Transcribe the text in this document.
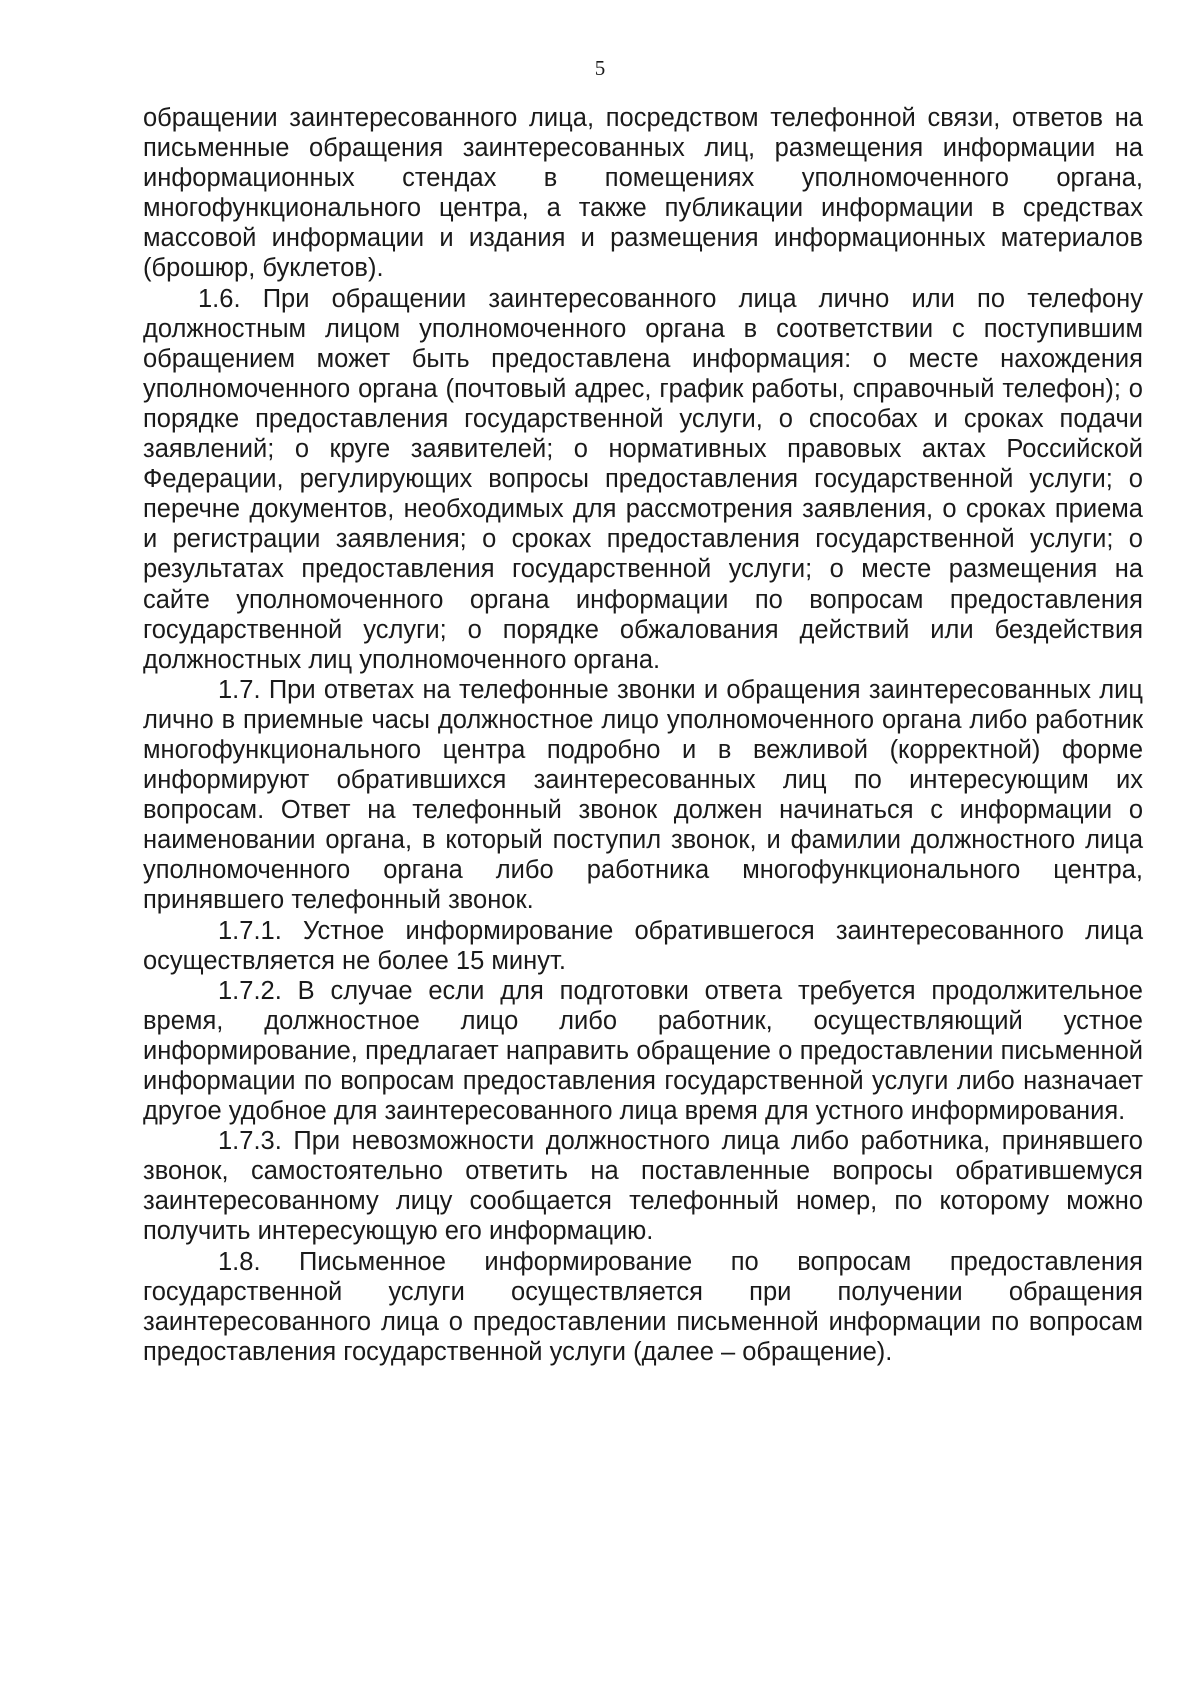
5

обращении заинтересованного лица, посредством телефонной связи, ответов на письменные обращения заинтересованных лиц, размещения информации на информационных стендах в помещениях уполномоченного органа, многофункционального центра, а также публикации информации в средствах массовой информации и издания и размещения информационных материалов (брошюр, буклетов).

1.6. При обращении заинтересованного лица лично или по телефону должностным лицом уполномоченного органа в соответствии с поступившим обращением может быть предоставлена информация: о месте нахождения уполномоченного органа (почтовый адрес, график работы, справочный телефон); о порядке предоставления государственной услуги, о способах и сроках подачи заявлений; о круге заявителей; о нормативных правовых актах Российской Федерации, регулирующих вопросы предоставления государственной услуги; о перечне документов, необходимых для рассмотрения заявления, о сроках приема и регистрации заявления; о сроках предоставления государственной услуги; о результатах предоставления государственной услуги; о месте размещения на сайте уполномоченного органа информации по вопросам предоставления государственной услуги; о порядке обжалования действий или бездействия должностных лиц уполномоченного органа.

1.7. При ответах на телефонные звонки и обращения заинтересованных лиц лично в приемные часы должностное лицо уполномоченного органа либо работник многофункционального центра подробно и в вежливой (корректной) форме информируют обратившихся заинтересованных лиц по интересующим их вопросам. Ответ на телефонный звонок должен начинаться с информации о наименовании органа, в который поступил звонок, и фамилии должностного лица уполномоченного органа либо работника многофункционального центра, принявшего телефонный звонок.

1.7.1. Устное информирование обратившегося заинтересованного лица осуществляется не более 15 минут.

1.7.2. В случае если для подготовки ответа требуется продолжительное время, должностное лицо либо работник, осуществляющий устное информирование, предлагает направить обращение о предоставлении письменной информации по вопросам предоставления государственной услуги либо назначает другое удобное для заинтересованного лица время для устного информирования.

1.7.3. При невозможности должностного лица либо работника, принявшего звонок, самостоятельно ответить на поставленные вопросы обратившемуся заинтересованному лицу сообщается телефонный номер, по которому можно получить интересующую его информацию.

1.8. Письменное информирование по вопросам предоставления государственной услуги осуществляется при получении обращения заинтересованного лица о предоставлении письменной информации по вопросам предоставления государственной услуги (далее – обращение).
